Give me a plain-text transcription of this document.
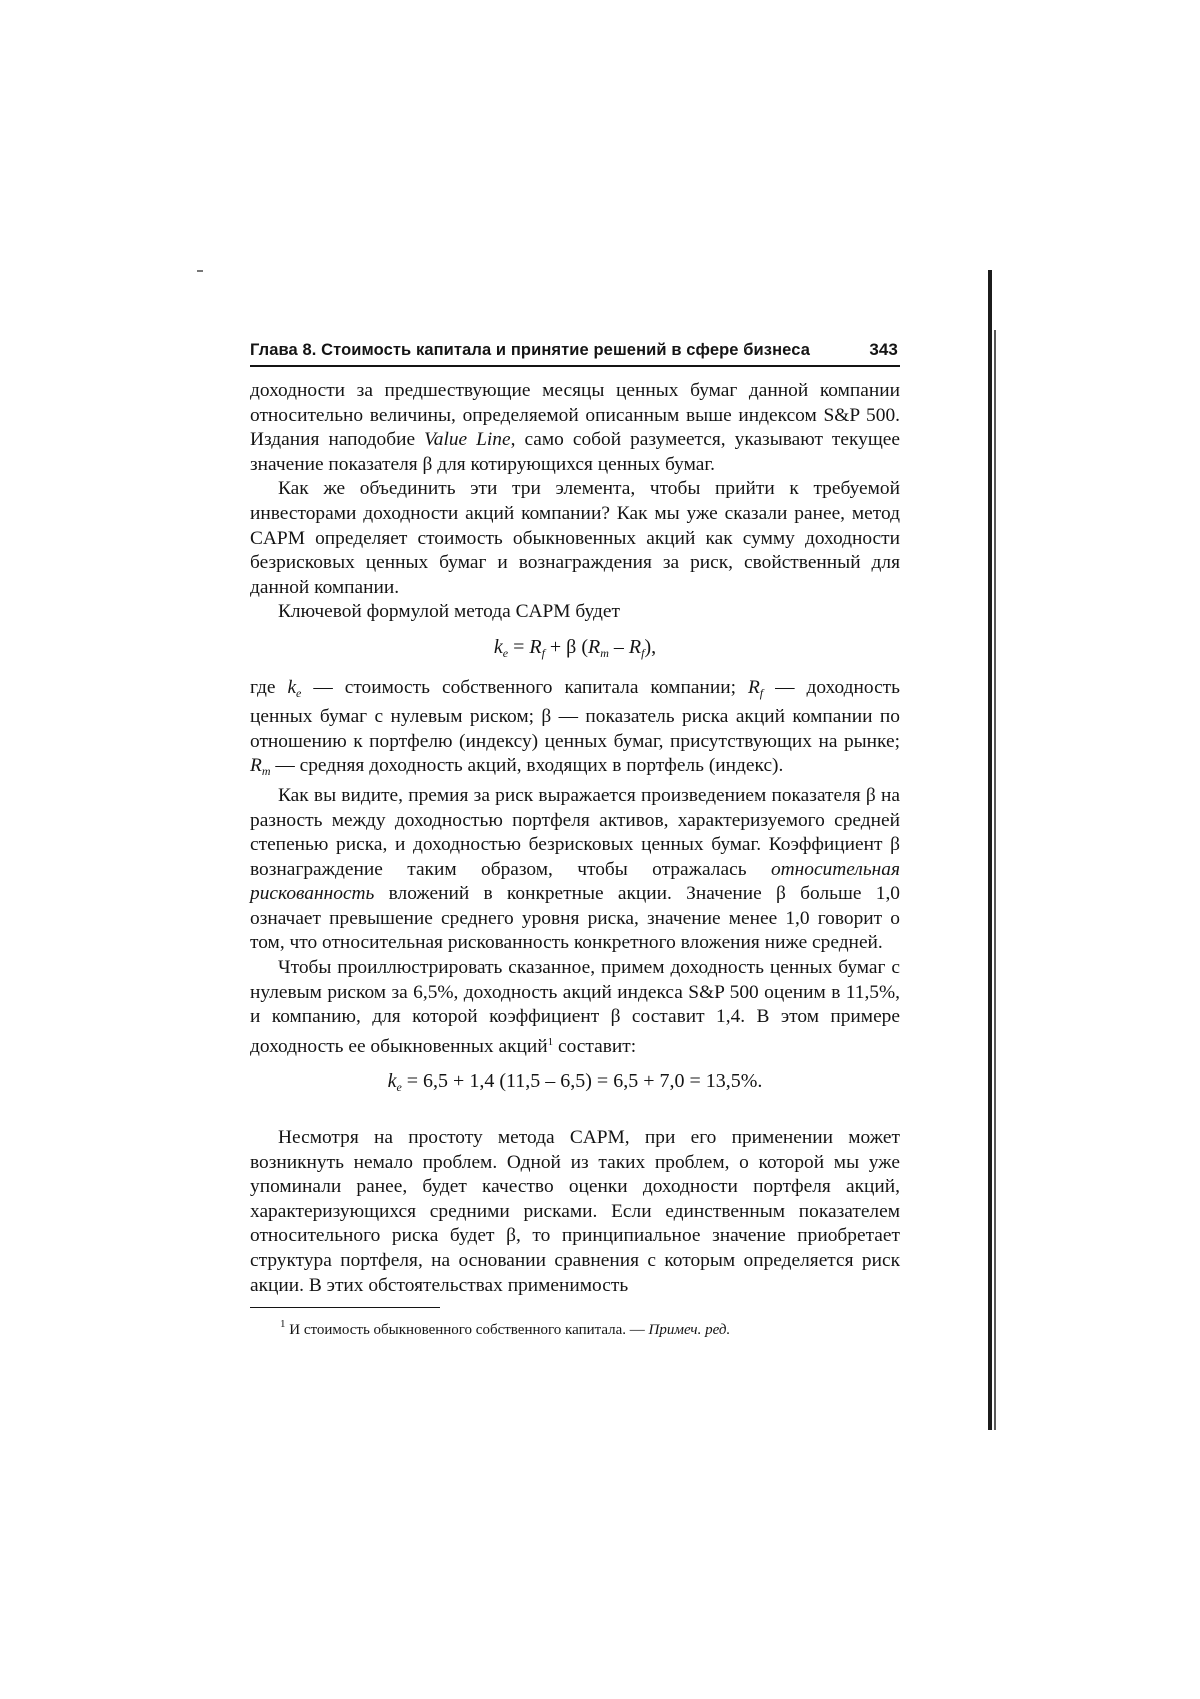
Глава 8. Стоимость капитала и принятие решений в сфере бизнеса	343

доходности за предшествующие месяцы ценных бумаг данной компании относительно величины, определяемой описанным выше индексом S&P 500. Издания наподобие Value Line, само собой разумеется, указывают текущее значение показателя β для котирующихся ценных бумаг.

Как же объединить эти три элемента, чтобы прийти к требуемой инвесторами доходности акций компании? Как мы уже сказали ранее, метод CAPM определяет стоимость обыкновенных акций как сумму доходности безрисковых ценных бумаг и вознаграждения за риск, свойственный для данной компании.

Ключевой формулой метода CAPM будет

$k_e = R_f + \beta$ $(R_m - R_f)$,

где $k_e$ — стоимость собственного капитала компании; $R_f$ — доходность ценных бумаг с нулевым риском; β — показатель риска акций компании по отношению к портфелю (индексу) ценных бумаг, присутствующих на рынке; $R_m$ — средняя доходность акций, входящих в портфель (индекс).

Как вы видите, премия за риск выражается произведением показателя β на разность между доходностью портфеля активов, характеризуемого средней степенью риска, и доходностью безрисковых ценных бумаг. Коэффициент β вознаграждение таким образом, чтобы отражалась относительная рискованность вложений в конкретные акции. Значение β больше 1,0 означает превышение среднего уровня риска, значение менее 1,0 говорит о том, что относительная рискованность конкретного вложения ниже средней.

Чтобы проиллюстрировать сказанное, примем доходность ценных бумаг с нулевым риском за 6,5%, доходность акций индекса S&P 500 оценим в 11,5%, и компанию, для которой коэффициент β составит 1,4. В этом примере доходность ее обыкновенных акций$^1$ составит:

$k_e = 6,5 + 1,4$ (11,5 – 6,5) = 6,5 + 7,0 = 13,5%.

Несмотря на простоту метода CAPM, при его применении может возникнуть немало проблем. Одной из таких проблем, о которой мы уже упоминали ранее, будет качество оценки доходности портфеля акций, характеризующихся средними рисками. Если единственным показателем относительного риска будет β, то принципиальное значение приобретает структура портфеля, на основании сравнения с которым определяется риск акции. В этих обстоятельствах применимость

$^1$ И стоимость обыкновенного собственного капитала. — Примеч. ред.
